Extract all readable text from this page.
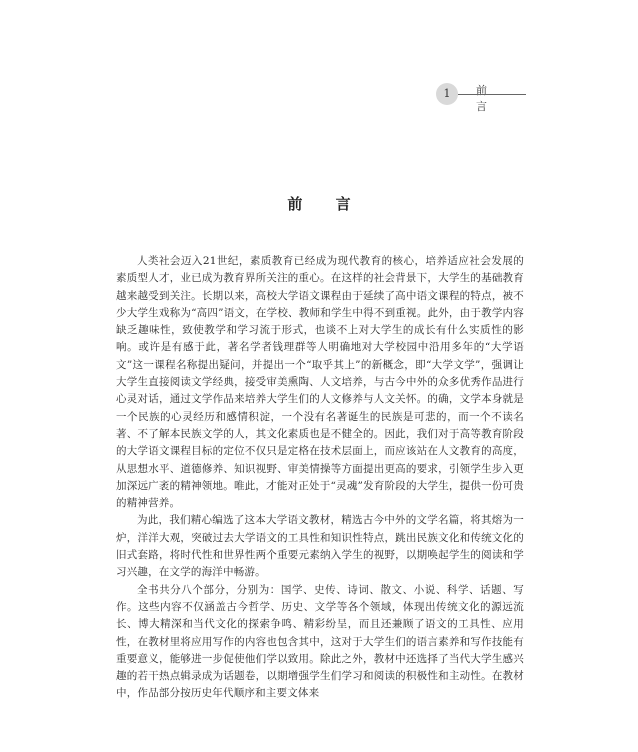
1	前 言
前 言

人类社会迈入21世纪，素质教育已经成为现代教育的核心，培养适应社会发展的素质型人才，业已成为教育界所关注的重心。在这样的社会背景下，大学生的基础教育越来越受到关注。长期以来，高校大学语文课程由于延续了高中语文课程的特点，被不少大学生戏称为“高四”语文，在学校、教师和学生中得不到重视。此外，由于教学内容缺乏趣味性，致使教学和学习流于形式，也谈不上对大学生的成长有什么实质性的影响。或许是有感于此，著名学者钱理群等人明确地对大学校园中沿用多年的“大学语文”这一课程名称提出疑问，并提出一个“取乎其上”的新概念，即“大学文学”，强调让大学生直接阅读文学经典，接受审美熏陶、人文培养，与古今中外的众多优秀作品进行心灵对话，通过文学作品来培养大学生们的人文修养与人文关怀。的确，文学本身就是一个民族的心灵经历和感情积淀，一个没有名著诞生的民族是可悲的，而一个不读名著、不了解本民族文学的人，其文化素质也是不健全的。因此，我们对于高等教育阶段的大学语文课程目标的定位不仅只是定格在技术层面上，而应该站在人文教育的高度，从思想水平、道德修养、知识视野、审美情操等方面提出更高的要求，引领学生步入更加深远广袤的精神领地。唯此，才能对正处于“灵魂”发育阶段的大学生，提供一份可贵的精神营养。

为此，我们精心编选了这本大学语文教材，精选古今中外的文学名篇，将其熔为一炉，洋洋大观，突破过去大学语文的工具性和知识性特点，跳出民族文化和传统文化的旧式套路，将时代性和世界性两个重要元素纳入学生的视野，以期唤起学生的阅读和学习兴趣，在文学的海洋中畅游。

全书共分八个部分，分别为：国学、史传、诗词、散文、小说、科学、话题、写作。这些内容不仅涵盖古今哲学、历史、文学等各个领域，体现出传统文化的源远流长、博大精深和当代文化的探索争鸣、精彩纷呈，而且还兼顾了语文的工具性、应用性，在教材里将应用写作的内容也包含其中，这对于大学生们的语言素养和写作技能有重要意义，能够进一步促使他们学以致用。除此之外，教材中还选择了当代大学生感兴趣的若干热点辑录成为话题卷，以期增强学生们学习和阅读的积极性和主动性。在教材中，作品部分按历史年代顺序和主要文体来
